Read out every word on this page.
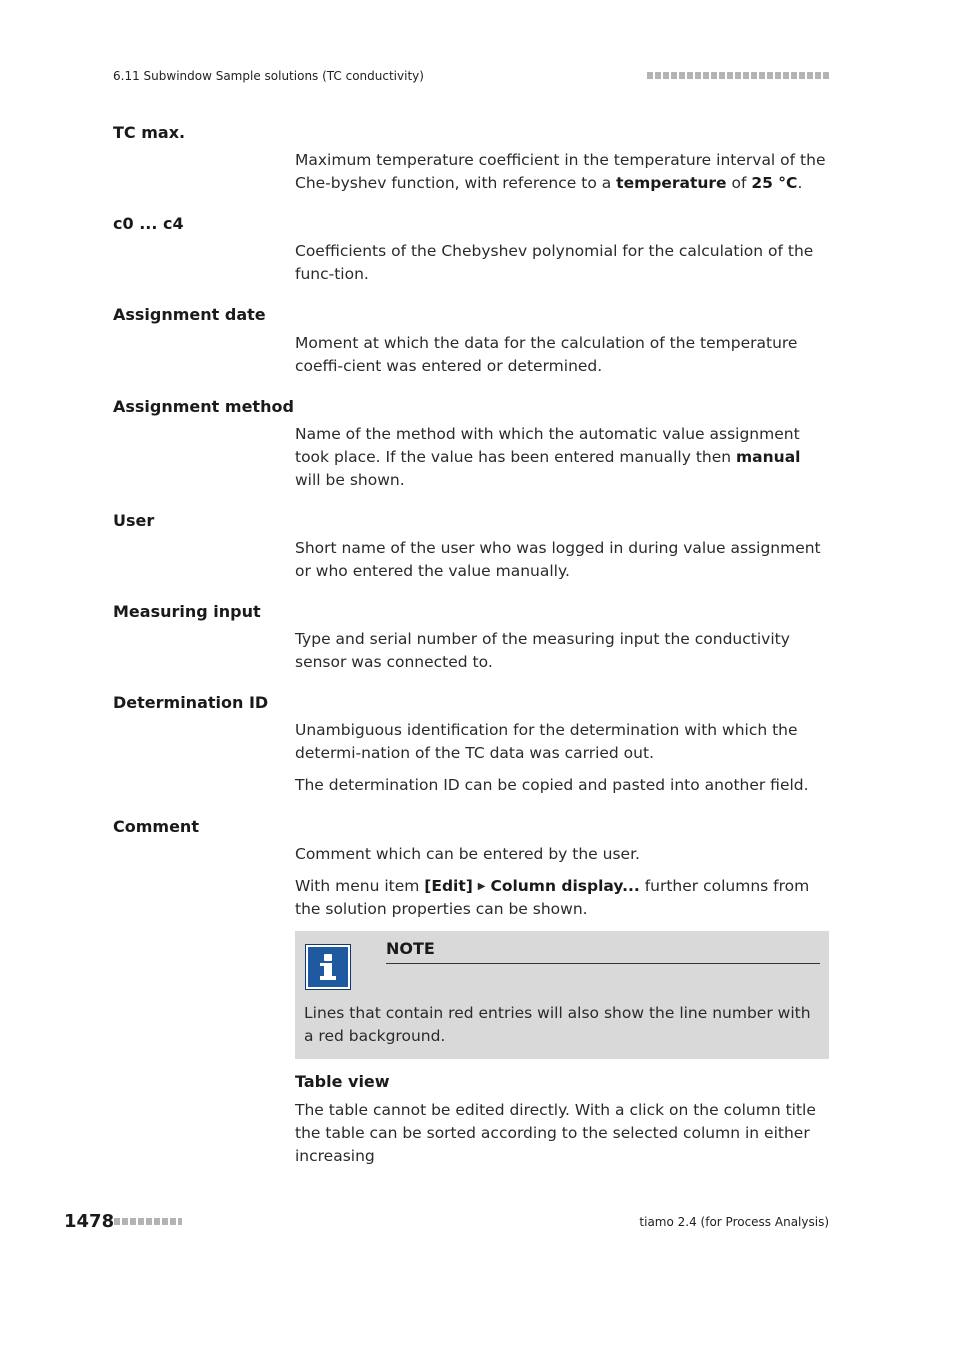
6.11 Subwindow Sample solutions (TC conductivity)
TC max.
Maximum temperature coefficient in the temperature interval of the Che-byshev function, with reference to a temperature of 25 °C.
c0 ... c4
Coefficients of the Chebyshev polynomial for the calculation of the func-tion.
Assignment date
Moment at which the data for the calculation of the temperature coeffi-cient was entered or determined.
Assignment method
Name of the method with which the automatic value assignment took place. If the value has been entered manually then manual will be shown.
User
Short name of the user who was logged in during value assignment or who entered the value manually.
Measuring input
Type and serial number of the measuring input the conductivity sensor was connected to.
Determination ID
Unambiguous identification for the determination with which the determi-nation of the TC data was carried out.
The determination ID can be copied and pasted into another field.
Comment
Comment which can be entered by the user.
With menu item [Edit] ▶ Column display... further columns from the solution properties can be shown.
NOTE
Lines that contain red entries will also show the line number with a red background.
Table view
The table cannot be edited directly. With a click on the column title the table can be sorted according to the selected column in either increasing
1478	tiamo 2.4 (for Process Analysis)
